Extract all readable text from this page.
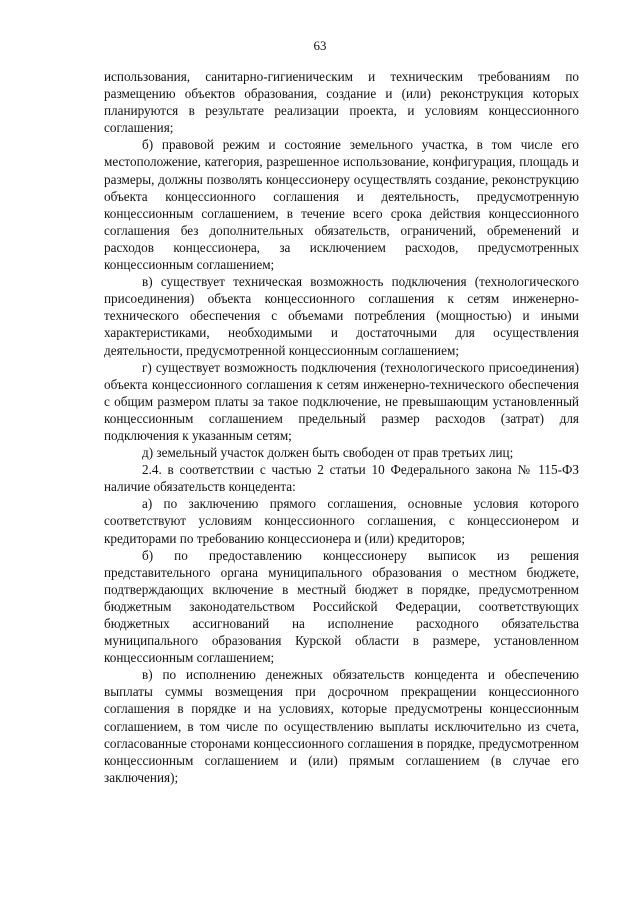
63

использования, санитарно-гигиеническим и техническим требованиям по размещению объектов образования, создание и (или) реконструкция которых планируются в результате реализации проекта, и условиям концессионного соглашения;

б) правовой режим и состояние земельного участка, в том числе его местоположение, категория, разрешенное использование, конфигурация, площадь и размеры, должны позволять концессионеру осуществлять создание, реконструкцию объекта концессионного соглашения и деятельность, предусмотренную концессионным соглашением, в течение всего срока действия концессионного соглашения без дополнительных обязательств, ограничений, обременений и расходов концессионера, за исключением расходов, предусмотренных концессионным соглашением;

в) существует техническая возможность подключения (технологического присоединения) объекта концессионного соглашения к сетям инженерно-технического обеспечения с объемами потребления (мощностью) и иными характеристиками, необходимыми и достаточными для осуществления деятельности, предусмотренной концессионным соглашением;

г) существует возможность подключения (технологического присоединения) объекта концессионного соглашения к сетям инженерно-технического обеспечения с общим размером платы за такое подключение, не превышающим установленный концессионным соглашением предельный размер расходов (затрат) для подключения к указанным сетям;

д) земельный участок должен быть свободен от прав третьих лиц;

2.4. в соответствии с частью 2 статьи 10 Федерального закона № 115-ФЗ наличие обязательств концедента:

а) по заключению прямого соглашения, основные условия которого соответствуют условиям концессионного соглашения, с концессионером и кредиторами по требованию концессионера и (или) кредиторов;

б) по предоставлению концессионеру выписок из решения представительного органа муниципального образования о местном бюджете, подтверждающих включение в местный бюджет в порядке, предусмотренном бюджетным законодательством Российской Федерации, соответствующих бюджетных ассигнований на исполнение расходного обязательства муниципального образования Курской области в размере, установленном концессионным соглашением;

в) по исполнению денежных обязательств концедента и обеспечению выплаты суммы возмещения при досрочном прекращении концессионного соглашения в порядке и на условиях, которые предусмотрены концессионным соглашением, в том числе по осуществлению выплаты исключительно из счета, согласованные сторонами концессионного соглашения в порядке, предусмотренном концессионным соглашением и (или) прямым соглашением (в случае его заключения);
